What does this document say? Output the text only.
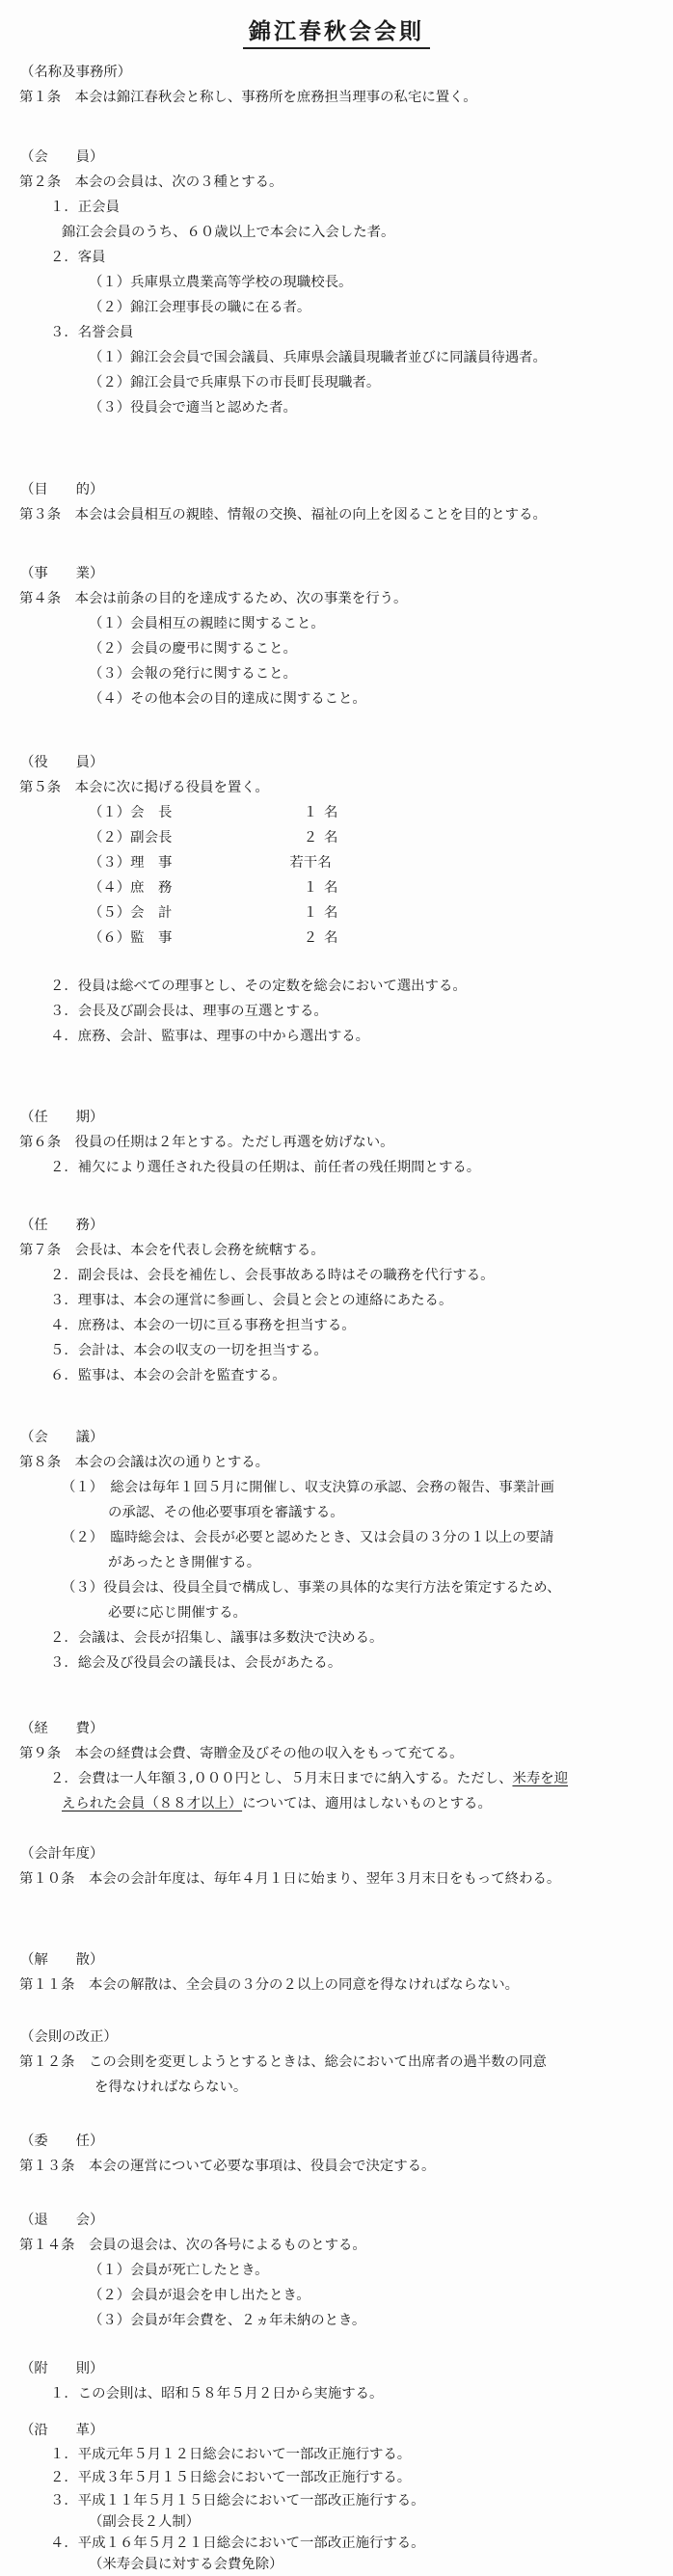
錦江春秋会会則
（名称及事務所）
第１条　本会は錦江春秋会と称し、事務所を庶務担当理事の私宅に置く。
（会　　員）
第２条　本会の会員は、次の３種とする。
１．正会員
錦江会会員のうち、６０歳以上で本会に入会した者。
２．客員
（１）兵庫県立農業高等学校の現職校長。
（２）錦江会理事長の職に在る者。
３．名誉会員
（１）錦江会会員で国会議員、兵庫県会議員現職者並びに同議員待遇者。
（２）錦江会員で兵庫県下の市長町長現職者。
（３）役員会で適当と認めた者。
（目　　的）
第３条　本会は会員相互の親睦、情報の交換、福祉の向上を図ることを目的とする。
（事　　業）
第４条　本会は前条の目的を達成するため、次の事業を行う。
（１）会員相互の親睦に関すること。
（２）会員の慶弔に関すること。
（３）会報の発行に関すること。
（４）その他本会の目的達成に関すること。
（役　　員）
第５条　本会に次に掲げる役員を置く。
（１）会　長	１ 名
（２）副会長	２ 名
（３）理　事	若干名
（４）庶　務	１ 名
（５）会　計	１ 名
（６）監　事	２ 名
２．役員は総べての理事とし、その定数を総会において選出する。
３．会長及び副会長は、理事の互選とする。
４．庶務、会計、監事は、理事の中から選出する。
（任　　期）
第６条　役員の任期は２年とする。ただし再選を妨げない。
２．補欠により選任された役員の任期は、前任者の残任期間とする。
（任　　務）
第７条　会長は、本会を代表し会務を統轄する。
２．副会長は、会長を補佐し、会長事故ある時はその職務を代行する。
３．理事は、本会の運営に参画し、会員と会との連絡にあたる。
４．庶務は、本会の一切に亘る事務を担当する。
５．会計は、本会の収支の一切を担当する。
６．監事は、本会の会計を監査する。
（会　　議）
第８条　本会の会議は次の通りとする。
（１）　総会は毎年１回５月に開催し、収支決算の承認、会務の報告、事業計画
の承認、その他必要事項を審議する。
（２）　臨時総会は、会長が必要と認めたとき、又は会員の３分の１以上の要請
があったとき開催する。
（３）役員会は、役員全員で構成し、事業の具体的な実行方法を策定するため、
必要に応じ開催する。
２．会議は、会長が招集し、議事は多数決で決める。
３．総会及び役員会の議長は、会長があたる。
（経　　費）
第９条　本会の経費は会費、寄贈金及びその他の収入をもって充てる。
２．会費は一人年額３,０００円とし、５月末日までに納入する。ただし、米寿を迎
えられた会員（８８才以上）については、適用はしないものとする。
（会計年度）
第１０条　本会の会計年度は、毎年４月１日に始まり、翌年３月末日をもって終わる。
（解　　散）
第１１条　本会の解散は、全会員の３分の２以上の同意を得なければならない。
（会則の改正）
第１２条　この会則を変更しようとするときは、総会において出席者の過半数の同意
を得なければならない。
（委　　任）
第１３条　本会の運営について必要な事項は、役員会で決定する。
（退　　会）
第１４条　会員の退会は、次の各号によるものとする。
（１）会員が死亡したとき。
（２）会員が退会を申し出たとき。
（３）会員が年会費を、２ヵ年未納のとき。
（附　　則）
１．この会則は、昭和５８年５月２日から実施する。
（沿　　革）
１．平成元年５月１２日総会において一部改正施行する。
２．平成３年５月１５日総会において一部改正施行する。
３．平成１１年５月１５日総会において一部改正施行する。
（副会長２人制）
４．平成１６年５月２１日総会において一部改正施行する。
（米寿会員に対する会費免除）
